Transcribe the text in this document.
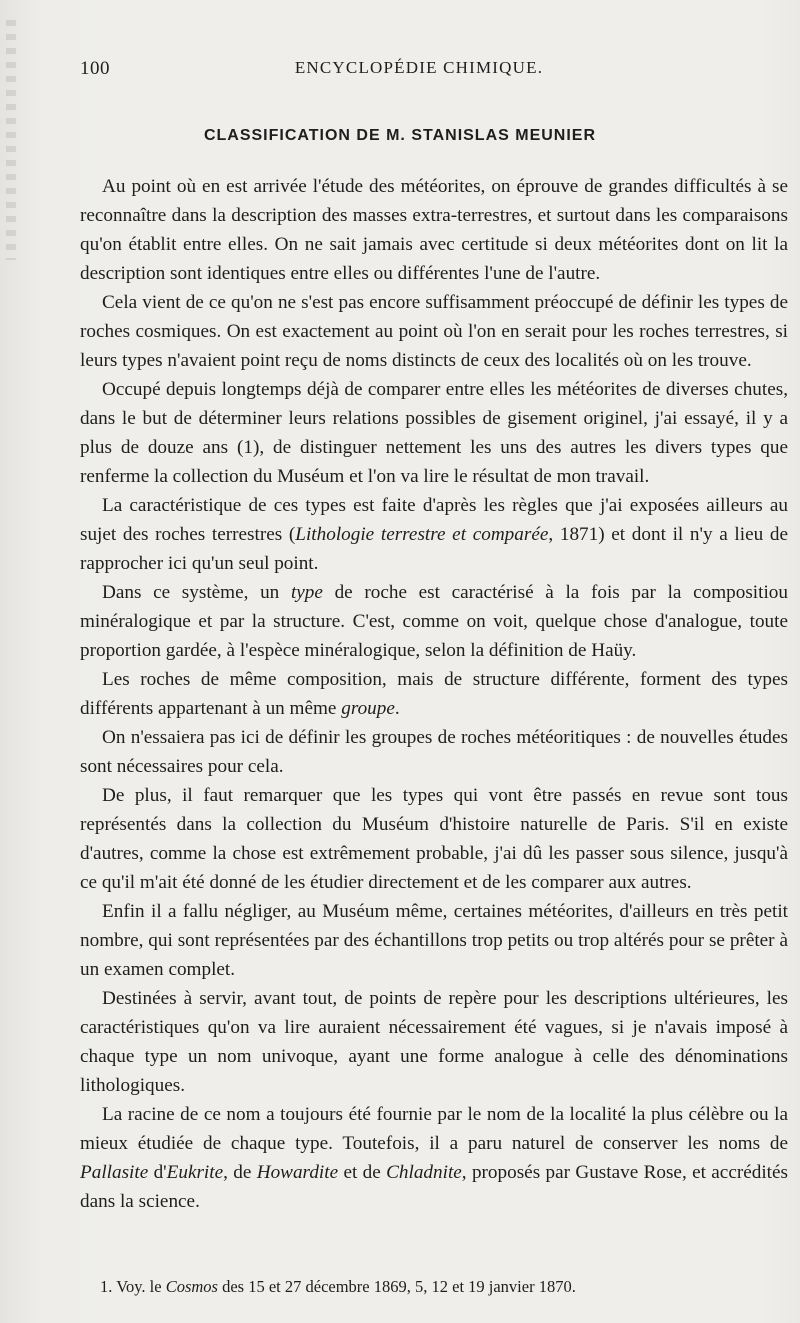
100	ENCYCLOPÉDIE CHIMIQUE.
CLASSIFICATION DE M. STANISLAS MEUNIER

Au point où en est arrivée l'étude des météorites, on éprouve de grandes difficultés à se reconnaître dans la description des masses extra-terrestres, et surtout dans les comparaisons qu'on établit entre elles. On ne sait jamais avec certitude si deux météorites dont on lit la description sont identiques entre elles ou différentes l'une de l'autre.

Cela vient de ce qu'on ne s'est pas encore suffisamment préoccupé de définir les types de roches cosmiques. On est exactement au point où l'on en serait pour les roches terrestres, si leurs types n'avaient point reçu de noms distincts de ceux des localités où on les trouve.

Occupé depuis longtemps déjà de comparer entre elles les météorites de diverses chutes, dans le but de déterminer leurs relations possibles de gisement originel, j'ai essayé, il y a plus de douze ans (1), de distinguer nettement les uns des autres les divers types que renferme la collection du Muséum et l'on va lire le résultat de mon travail.

La caractéristique de ces types est faite d'après les règles que j'ai exposées ailleurs au sujet des roches terrestres (Lithologie terrestre et comparée, 1871) et dont il n'y a lieu de rapprocher ici qu'un seul point.

Dans ce système, un type de roche est caractérisé à la fois par la compositiou minéralogique et par la structure. C'est, comme on voit, quelque chose d'analogue, toute proportion gardée, à l'espèce minéralogique, selon la définition de Haüy.

Les roches de même composition, mais de structure différente, forment des types différents appartenant à un même groupe.

On n'essaiera pas ici de définir les groupes de roches météoritiques : de nouvelles études sont nécessaires pour cela.

De plus, il faut remarquer que les types qui vont être passés en revue sont tous représentés dans la collection du Muséum d'histoire naturelle de Paris. S'il en existe d'autres, comme la chose est extrêmement probable, j'ai dû les passer sous silence, jusqu'à ce qu'il m'ait été donné de les étudier directement et de les comparer aux autres.

Enfin il a fallu négliger, au Muséum même, certaines météorites, d'ailleurs en très petit nombre, qui sont représentées par des échantillons trop petits ou trop altérés pour se prêter à un examen complet.

Destinées à servir, avant tout, de points de repère pour les descriptions ultérieures, les caractéristiques qu'on va lire auraient nécessairement été vagues, si je n'avais imposé à chaque type un nom univoque, ayant une forme analogue à celle des dénominations lithologiques.

La racine de ce nom a toujours été fournie par le nom de la localité la plus célèbre ou la mieux étudiée de chaque type. Toutefois, il a paru naturel de conserver les noms de Pallasite d'Eukrite, de Howardite et de Chladnite, proposés par Gustave Rose, et accrédités dans la science.

1. Voy. le Cosmos des 15 et 27 décembre 1869, 5, 12 et 19 janvier 1870.
